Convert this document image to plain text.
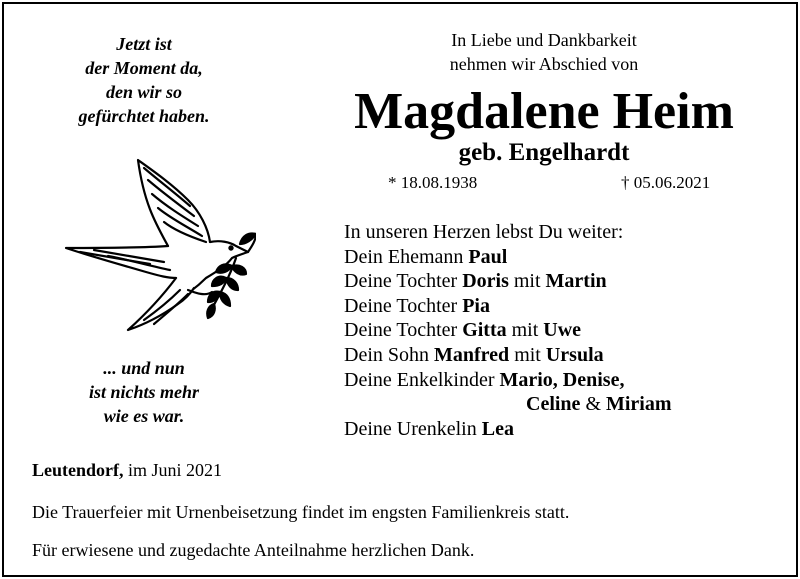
Jetzt ist
der Moment da,
den wir so
gefürchtet haben.
... und nun
ist nichts mehr
wie es war.
In Liebe und Dankbarkeit
nehmen wir Abschied von
Magdalene Heim
geb. Engelhardt
* 18.08.1938	† 05.06.2021
In unseren Herzen lebst Du weiter:
Dein Ehemann Paul
Deine Tochter Doris mit Martin
Deine Tochter Pia
Deine Tochter Gitta mit Uwe
Dein Sohn Manfred mit Ursula
Deine Enkelkinder Mario, Denise,
Celine & Miriam
Deine Urenkelin Lea
Leutendorf, im Juni 2021
Die Trauerfeier mit Urnenbeisetzung findet im engsten Familienkreis statt.
Für erwiesene und zugedachte Anteilnahme herzlichen Dank.
